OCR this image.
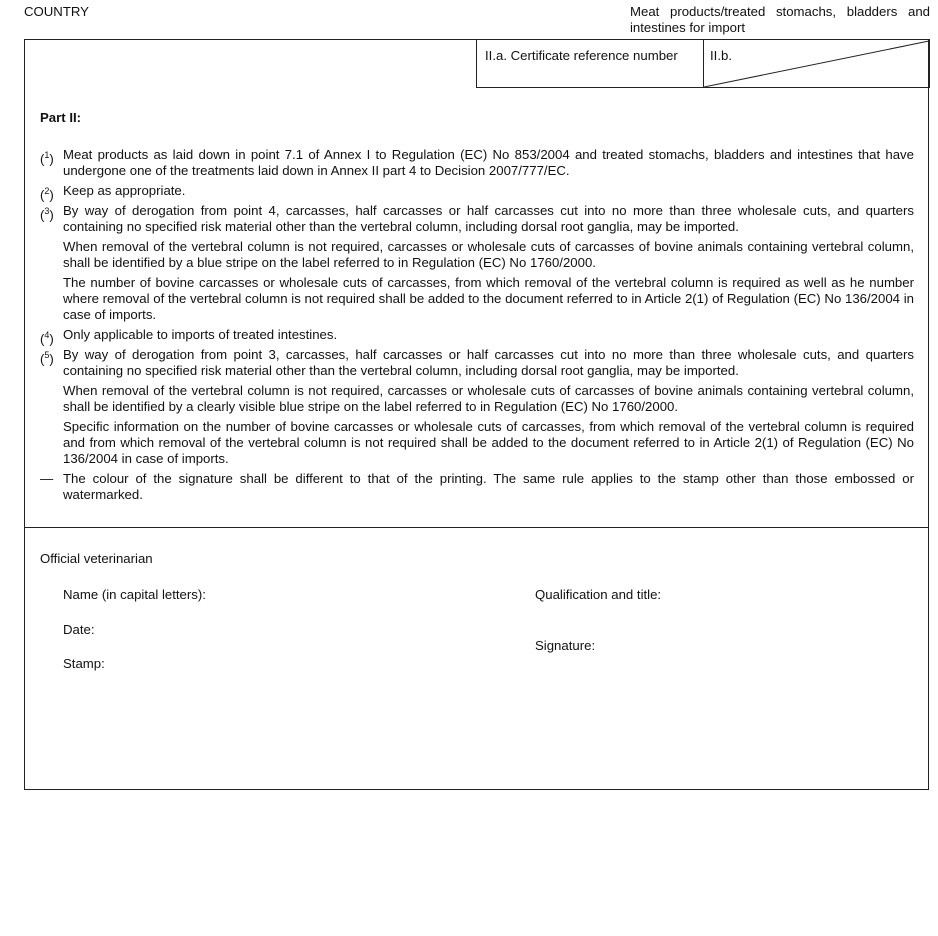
COUNTRY	Meat products/treated stomachs, bladders and intestines for import
II.a. Certificate reference number	II.b.
Part II:
($^1$) Meat products as laid down in point 7.1 of Annex I to Regulation (EC) No 853/2004 and treated stomachs, bladders and intestines that have undergone one of the treatments laid down in Annex II part 4 to Decision 2007/777/EC.

($^2$) Keep as appropriate.

($^3$) By way of derogation from point 4, carcasses, half carcasses or half carcasses cut into no more than three wholesale cuts, and quarters containing no specified risk material other than the vertebral column, including dorsal root ganglia, may be imported.

When removal of the vertebral column is not required, carcasses or wholesale cuts of carcasses of bovine animals containing vertebral column, shall be identified by a blue stripe on the label referred to in Regulation (EC) No 1760/2000.

The number of bovine carcasses or wholesale cuts of carcasses, from which removal of the vertebral column is required as well as he number where removal of the vertebral column is not required shall be added to the document referred to in Article 2(1) of Regulation (EC) No 136/2004 in case of imports.

($^4$) Only applicable to imports of treated intestines.

($^5$) By way of derogation from point 3, carcasses, half carcasses or half carcasses cut into no more than three wholesale cuts, and quarters containing no specified risk material other than the vertebral column, including dorsal root ganglia, may be imported.

When removal of the vertebral column is not required, carcasses or wholesale cuts of carcasses of bovine animals containing vertebral column, shall be identified by a clearly visible blue stripe on the label referred to in Regulation (EC) No 1760/2000.

Specific information on the number of bovine carcasses or wholesale cuts of carcasses, from which removal of the vertebral column is required and from which removal of the vertebral column is not required shall be added to the document referred to in Article 2(1) of Regulation (EC) No 136/2004 in case of imports.

— The colour of the signature shall be different to that of the printing. The same rule applies to the stamp other than those embossed or watermarked.

Official veterinarian
Name (in capital letters):	Qualification and title:
Date:
Signature:
Stamp:
